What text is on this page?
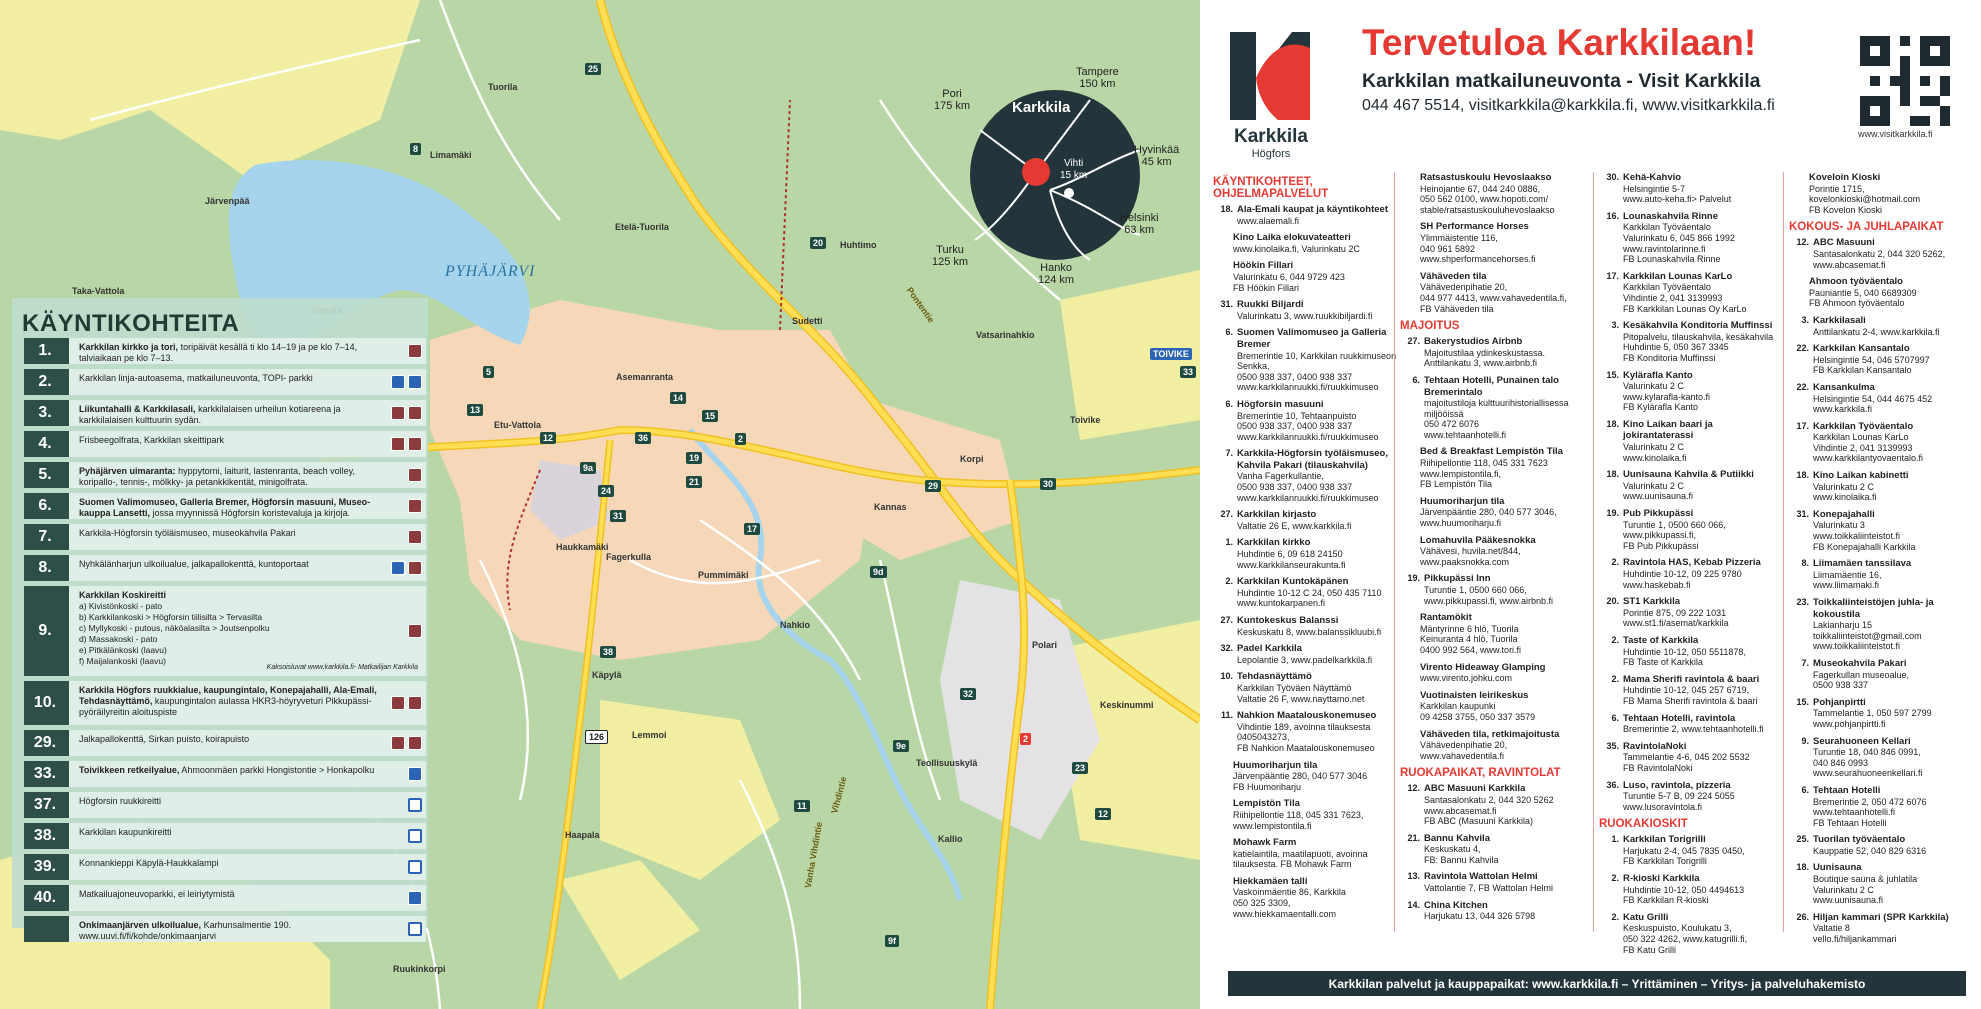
PYHÄJÄRVI
Tuorila
Limamäki
Järvenpää
Taka-Vattola
Etelä-Tuorila
Huhtimo
Asemanranta
Etu-Vattola
Sudetti
Haukkamäki
Fagerkulla
Pummimäki
Kannas
Korpi
Toivike
Nahkio
Polari
Käpylä
Lemmoi
Haapala
Teollisuuskylä
Keskinummi
Ruukinkorpi
Vatsarinahkio
Kallio
Pontentie
Vanha Vihdintie
Vihdintie
126	2
TOIVIKE
8
25
20
14
15
2
19
21
36
12
13
5
24
31
9a
17
9d
30
29
32
23
12
11
38
33
9e
9f
Karkkila
Pori
175 km
Tampere
150 km
Hyvinkää
45 km
Helsinki
63 km
Hanko
124 km
Turku
125 km
Vihti
15 km
KÄYNTIKOHTEITA
1.	Karkkilan kirkko ja tori, toripäivät kesällä ti klo 14–19 ja pe klo 7–14, talviaikaan pe klo 7–13.
2.	Karkkilan linja-autoasema, matkailuneuvonta, TOPI- parkki
3.	Liikuntahalli & Karkkilasali, karkkilalaisen urheilun kotiareena ja karkkilalaisen kulttuurin sydän.
4.	Frisbeegolfrata, Karkkilan skeittipark
5.	Pyhäjärven uimaranta: hyppytorni, laiturit, lastenranta, beach volley, koripallo-, tennis-, mölkky- ja petankkikentät, minigolfrata.
6.	Suomen Valimomuseo, Galleria Bremer, Högforsin masuuni, Museo-kauppa Lansetti, jossa myynnissä Högforsin koristevaluja ja kirjoja.
7.	Karkkila-Högforsin työläismuseo, museokahvila Pakari
8.	Nyhkälänharjun ulkoilualue, jalkapallokenttä, kuntoportaat
9.
Karkkilan Koskireitti
a) Kivistönkoski - pato
b) Karkkilankoski > Högforsin tiilisilta > Tervasilta
c) Myllykoski - putous, näköalasilta > Joutsenpolku
d) Massakoski - pato
e) Pitkälänkoski (laavu)
f) Maijalankoski (laavu)
Kaksoisluvat www.karkkila.fi- Matkailijan Karkkila
10.
Karkkila Högfors ruukkialue, kaupungintalo, Konepajahalli, Ala-Emali, Tehdasnäyttämö, kaupungintalon aulassa HKR3-höyryveturi Pikkupässi-pyöräilyreitin aloituspiste
29.	Jalkapallokenttä, Sirkan puisto, koirapuisto
33.	Toivikkeen retkeilyalue, Ahmoonmäen parkki Hongistontie > Honkapolku
37.	Högforsin ruukkireitti
38.	Karkkilan kaupunkireitti
39.	Konnankieppi Käpylä-Haukkalampi
40.	Matkailuajoneuvoparkki, ei leiriytymistä
Onkimaanjärven ulkoilualue, Karhunsalmentie 190. www.uuvi.fi/fi/kohde/onkimaanjarvi
Karkkila
Högfors
Tervetuloa Karkkilaan!
Karkkilan matkailuneuvonta - Visit Karkkila
044 467 5514, visitkarkkila@karkkila.fi, www.visitkarkkila.fi
www.visitkarkkila.fi
KÄYNTIKOHTEET, OHJELMAPALVELUT
18. Ala-Emali kaupat ja käyntikohteet
www.alaemali.fi
Kino Laika elokuvateatteri
www.kinolaika.fi, Valurinkatu 2C
Höökin Fillari
Valurinkatu 6, 044 9729 423
FB Höökin Fillari
31. Ruukki Biljardi
Valurinkatu 3, www.ruukkibiljardi.fi
6. Suomen Valimomuseo ja Galleria Bremer
Bremerintie 10, Karkkilan ruukkimuseon Senkka,
0500 938 337, 0400 938 337
www.karkkilanruukki.fi/ruukkimuseo
6. Högforsin masuuni
Bremerintie 10, Tehtaanpuisto
0500 938 337, 0400 938 337
www.karkkilanruukki.fi/ruukkimuseo
7. Karkkila-Högforsin työläismuseo, Kahvila Pakari (tilauskahvila)
Vanha Fagerkullantie,
0500 938 337, 0400 938 337
www.karkkilanruukki.fi/ruukkimuseo
27. Karkkilan kirjasto
Valtatie 26 E, www.karkkila.fi
1. Karkkilan kirkko
Huhdintie 6, 09 618 24150
www.karkkilanseurakunta.fi
2. Karkkilan Kuntokäpänen
Huhdintie 10-12 C 24, 050 435 7110
www.kuntokarpanen.fi
27. Kuntokeskus Balanssi
Keskuskatu 8, www.balanssikluubi.fi
32. Padel Karkkila
Lepolantie 3, www.padelkarkkila.fi
10. Tehdasnäyttämö
Karkkilan Työväen Näyttämö
Valtatie 26 F, www.nayttamo.net
11. Nahkion Maatalouskonemuseo
Vihdintie 189, avoinna tilauksesta
0405043273,
FB Nahkion Maatalouskonemuseo
Huumoriharjun tila
Järvenpääntie 280, 040 577 3046
FB Huumoriharju
Lempistön Tila
Riihipellontie 118, 045 331 7623,
www.lempistontila.fi
Mohawk Farm
katielaintila, maatilapuoti, avoinna
tilauksesta. FB Mohawk Farm
Hiekkamäen talli
Vaskoinmäentie 86, Karkkila
050 325 3309,
www.hiekkamaentalli.com
Ratsastuskoulu Hevoslaakso
Heinojantie 67, 044 240 0886,
050 562 0100, www.hopoti.com/
stable/ratsastuskouluhevoslaakso
SH Performance Horses
Ylimmäistentie 116,
040 961 5892
www.shperformancehorses.fi
Vähäveden tila
Vähävedenpihatie 20,
044 977 4413, www.vahavedentila.fi,
FB Vähäveden tila
MAJOITUS
27. Bakerystudios Airbnb
Majoitustilaa ydinkeskustassa.
Anttilankatu 3, www.airbnb.fi
6. Tehtaan Hotelli, Punainen talo Bremerintalo
majoitustiloja kulttuurihistoriallisessa
miljööissä
050 472 6076
www.tehtaanhotelli.fi
Bed & Breakfast Lempistön Tila
Riihipellontie 118, 045 331 7623
www.lempistontila.fi,
FB Lempistön Tila
Huumoriharjun tila
Järvenpääntie 280, 040 577 3046,
www.huumoriharju.fi
Lomahuvila Pääkesnokka
Vähävesi, huvila.net/844,
www.paaksnokka.com
19. Pikkupässi Inn
Turuntie 1, 0500 660 066,
www.pikkupassi.fi, www.airbnb.fi
Rantamökit
Mäntyrinne 6 hlö, Tuorila
Keinuranta 4 hlö, Tuorila
0400 992 564, www.tori.fi
Virento Hideaway Glamping
www.virento.johku.com
Vuotinaisten leirikeskus
Karkkilan kaupunki
09 4258 3755, 050 337 3579
Vähäveden tila, retkimajoitusta
Vähävedenpihatie 20,
www.vahavedentila.fi
RUOKAPAIKAT, RAVINTOLAT
12. ABC Masuuni Karkkila
Santasalonkatu 2, 044 320 5262
www.abcasemat.fi
FB ABC (Masuuni Karkkila)
21. Bannu Kahvila
Keskuskatu 4,
FB: Bannu Kahvila
13. Ravintola Wattolan Helmi
Vattolantie 7, FB Wattolan Helmi
14. China Kitchen
Harjukatu 13, 044 326 5798
30. Kehä-Kahvio
Helsingintie 5-7
www.auto-keha.fi> Palvelut
16. Lounaskahvila Rinne
Karkkilan Työväentalo
Valurinkatu 6, 045 866 1992
www.ravintolarinne.fi
FB Lounaskahvila Rinne
17. Karkkilan Lounas KarLo
Karkkilan Työväentalo
Vihdintie 2, 041 3139993
FB Karkkilan Lounas Oy KarLo
3. Kesäkahvila Konditoria Muffinssi
Pitopalvelu, tilauskahvila, kesäkahvila
Huhdintie 5, 050 367 3345
FB Konditoria Muffinssi
15. Kylärafla Kanto
Valurinkatu 2 C
www.kylarafla-kanto.fi
FB Kylärafla Kanto
18. Kino Laikan baari ja jokirantaterassi
Valurinkatu 2 C
www.kinolaika.fi
18. Uunisauna Kahvila & Putiikki
Valurinkatu 2 C
www.uunisauna.fi
19. Pub Pikkupässi
Turuntie 1, 0500 660 066,
www.pikkupassi.fi,
FB Pub Pikkupässi
2. Ravintola HAS, Kebab Pizzeria
Huhdintie 10-12, 09 225 9780
www.haskebab.fi
20. ST1 Karkkila
Porintie 875, 09 222 1031
www.st1.fi/asemat/karkkila
2. Taste of Karkkila
Huhdintie 10-12, 050 5511878,
FB Taste of Karkkila
2. Mama Sherifi ravintola & baari
Huhdintie 10-12, 045 257 6719,
FB Mama Sherifi ravintola & baari
6. Tehtaan Hotelli, ravintola
Bremerintie 2, www.tehtaanhotelli.fi
35. RavintolaNoki
Tammelantie 4-6, 045 202 5532
FB RavintolaNoki
36. Luso, ravintola, pizzeria
Turuntie 5-7 B, 09 224 5055
www.lusoravintola.fi
RUOKAKIOSKIT
1. Karkkilan Torigrilli
Harjukatu 2-4, 045 7835 0450,
FB Karkkilan Torigrilli
2. R-kioski Karkkila
Huhdintie 10-12, 050 4494613
FB Karkkilan R-kioski
2. Katu Grilli
Keskuspuisto, Koulukatu 3,
050 322 4262, www.katugrilli.fi,
FB Katu Grilli
Koveloin Kioski
Porintie 1715,
kovelonkioski@hotmail.com
FB Kovelon Kioski
KOKOUS- JA JUHLAPAIKAT
12. ABC Masuuni
Santasalonkatu 2, 044 320 5262,
www.abcasemat.fi
Ahmoon työväentalo
Pauniantie 5, 040 6689309
FB Ahmoon työväentalo
3. Karkkilasali
Anttilankatu 2-4, www.karkkila.fi
22. Karkkilan Kansantalo
Helsingintie 54, 046 5707997
FB Karkkilan Kansantalo
22. Kansankulma
Helsingintie 54, 044 4675 452
www.karkkila.fi
17. Karkkilan Työväentalo
Karkkilan Lounas KarLo
Vihdintie 2, 041 3139993
www.karkkilantyovaentalo.fi
18. Kino Laikan kabinetti
Valurinkatu 2 C
www.kinolaika.fi
31. Konepajahalli
Valurinkatu 3
www.toikkaliinteistot.fi
FB Konepajahalli Karkkila
8. Liimamäen tanssilava
Liimamäentie 16,
www.liimamaki.fi
23. Toikkaliinteistöjen juhla- ja kokoustila
Lakianharju 15
toikkaliinteistot@gmail.com
www.toikkaliinteistot.fi
7. Museokahvila Pakari
Fagerkullan museoalue,
0500 938 337
15. Pohjanpirtti
Tammelantie 1, 050 597 2799
www.pohjanpirtti.fi
9. Seurahuoneen Kellari
Turuntie 18, 040 846 0991,
040 846 0993
www.seurahuoneenkellari.fi
6. Tehtaan Hotelli
Bremerintie 2, 050 472 6076
www.tehtaanhotelli.fi
FB Tehtaan Hotelli
25. Tuorilan työväentalo
Kauppatie 52, 040 829 6316
18. Uunisauna
Boutique sauna & juhlatila
Valurinkatu 2 C
www.uunisauna.fi
26. Hiljan kammari (SPR Karkkila)
Valtatie 8
vello.fi/hiljankammari
Karkkilan palvelut ja kauppapaikat: www.karkkila.fi – Yrittäminen – Yritys- ja palveluhakemisto
